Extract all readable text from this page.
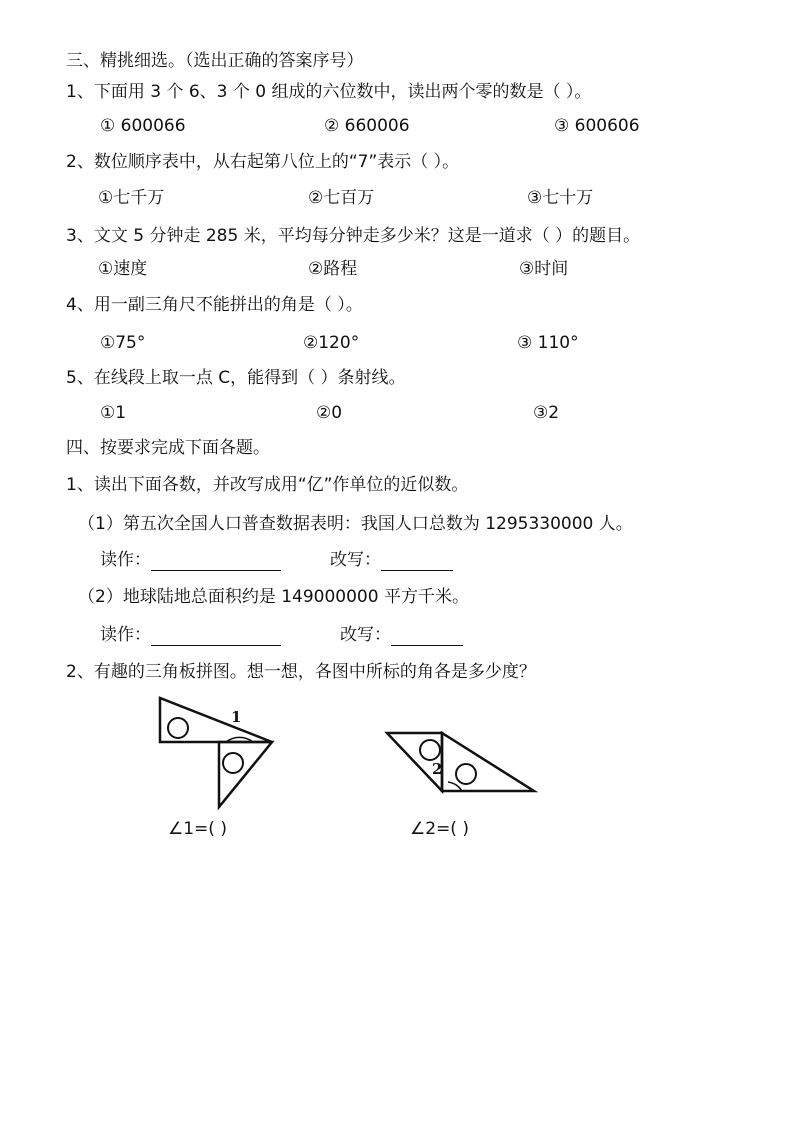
三、精挑细选。（选出正确的答案序号）
1、下面用 3 个 6、3 个 0 组成的六位数中，读出两个零的数是（ ）。
① 600066	② 660006	③ 600606
2、数位顺序表中，从右起第八位上的“7”表示（ ）。
①七千万	②七百万	③七十万
3、文文 5 分钟走 285 米，平均每分钟走多少米？这是一道求（ ）的题目。
①速度	②路程	③时间
4、用一副三角尺不能拼出的角是（ ）。
①75°	②120°	③ 110°
5、在线段上取一点 C，能得到（ ）条射线。
①1	②0	③2
四、按要求完成下面各题。
1、读出下面各数，并改写成用“亿”作单位的近似数。
（1）第五次全国人口普查数据表明：我国人口总数为 1295330000 人。
读作：	改写：
（2）地球陆地总面积约是 149000000 平方千米。
读作：	改写：
2、有趣的三角板拼图。想一想，各图中所标的角各是多少度？
1
2
∠1=( )	∠2=( )
